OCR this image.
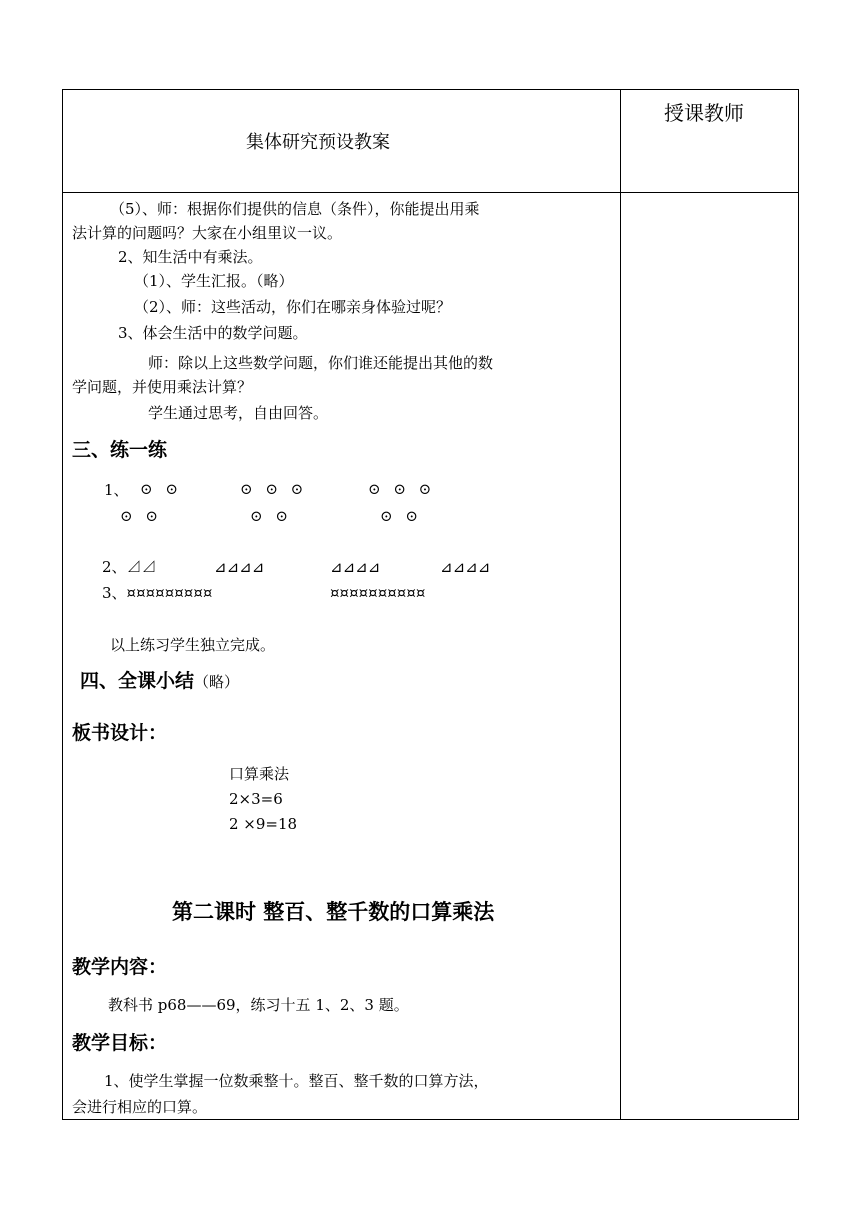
集体研究预设教案
授课教师
（5）、师：根据你们提供的信息（条件），你能提出用乘
法计算的问题吗？大家在小组里议一议。
2、知生活中有乘法。
（1）、学生汇报。（略）
（2）、师：这些活动，你们在哪亲身体验过呢？
3、体会生活中的数学问题。
师：除以上这些数学问题，你们谁还能提出其他的数
学问题，并使用乘法计算？
学生通过思考，自由回答。
三、练一练
1、 ⊙ ⊙	⊙ ⊙ ⊙	⊙ ⊙ ⊙
⊙ ⊙	⊙ ⊙	⊙ ⊙
2、⊿⊿	⊿⊿⊿⊿	⊿⊿⊿⊿	⊿⊿⊿⊿
3、¤¤¤¤¤¤¤¤¤	¤¤¤¤¤¤¤¤¤¤
以上练习学生独立完成。
四、全课小结（略）
板书设计：
口算乘法
2×3=6
2 ×9=18
第二课时 整百、整千数的口算乘法
教学内容：
教科书 p68——69，练习十五 1、2、3 题。
教学目标：
1、使学生掌握一位数乘整十。整百、整千数的口算方法，
会进行相应的口算。
